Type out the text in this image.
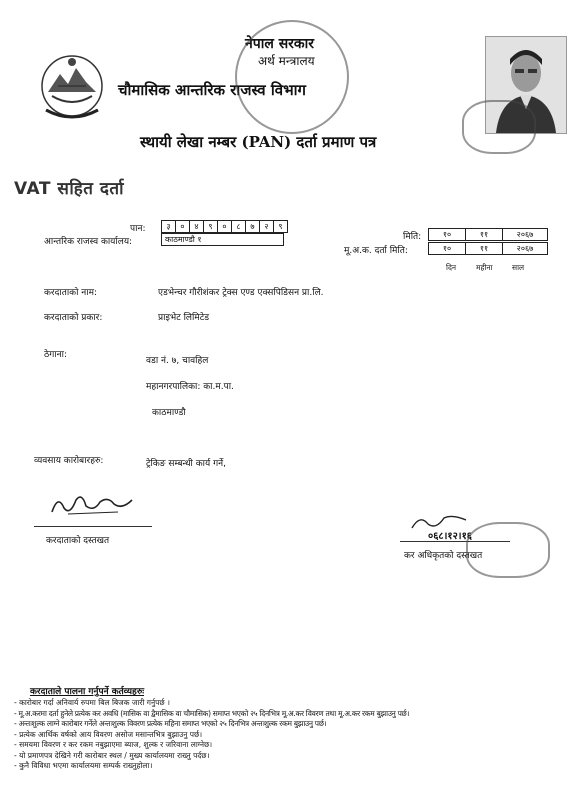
नेपाल सरकार
अर्थ मन्त्रालय
चौमासिक आन्तरिक राजस्व विभाग
स्थायी लेखा नम्बर (PAN) दर्ता प्रमाण पत्र
VAT सहित दर्ता
पान:	३	०	४	९	०	८	७	२	९
आन्तरिक राजस्व कार्यालय:	काठमाण्डौ १	मिति:	१०	११	२०६७
मू.अ.क. दर्ता मिति:	१०	११	२०६७
दिन	महीना	साल
करदाताको नाम:	एडभेन्चर गौरीशंकर ट्रेक्स एण्ड एक्सपिडिसन प्रा.लि.
करदाताको प्रकार:	प्राइभेट लिमिटेड
ठेगाना:
वडा नं. ७, चावहिल
महानगरपालिका: का.म.पा.
काठमाण्डौ
व्यवसाय कारोबारहरु:	ट्रेकिङ सम्बन्धी कार्य गर्ने,
करदाताको दस्तखत	०६८।१२।१६
कर अधिकृतको दस्तखत
करदाताले पालना गर्नुपर्ने कर्तव्यहरुः
- कारोबार गर्दा अनिवार्य रुपमा बिल बिजक जारी गर्नुपर्छ ।
- मू.अ.करमा दर्ता हुनेले प्रत्येक कर अवधि (मासिक वा द्वैमासिक वा चौमासिक) समाप्त भएको २५ दिनभित्र मू.अ.कर विवरण तथा मू.अ.कर रकम बुझाउनु पर्छ।
- अन्तःशुल्क लाग्ने कारोबार गर्नेले अन्तःशुल्क विवरण प्रत्येक महिना समाप्त भएको २५ दिनभित्र अन्तःशुल्क रकम बुझाउनु पर्छ।
- प्रत्येक आर्थिक वर्षको आय विवरण असोज मसान्तभित्र बुझाउनु पर्छ।
- समयमा विवरण र कर रकम नबुझाएमा ब्याज, शुल्क र जरिवाना लाग्नेछ।
- यो प्रमाणपत्र देखिने गरी कारोबार स्थल / मुख्य कार्यालयमा राख्नु पर्दछ।
- कुनै विविधा भएमा कार्यालयमा सम्पर्क राख्नुहोला।
